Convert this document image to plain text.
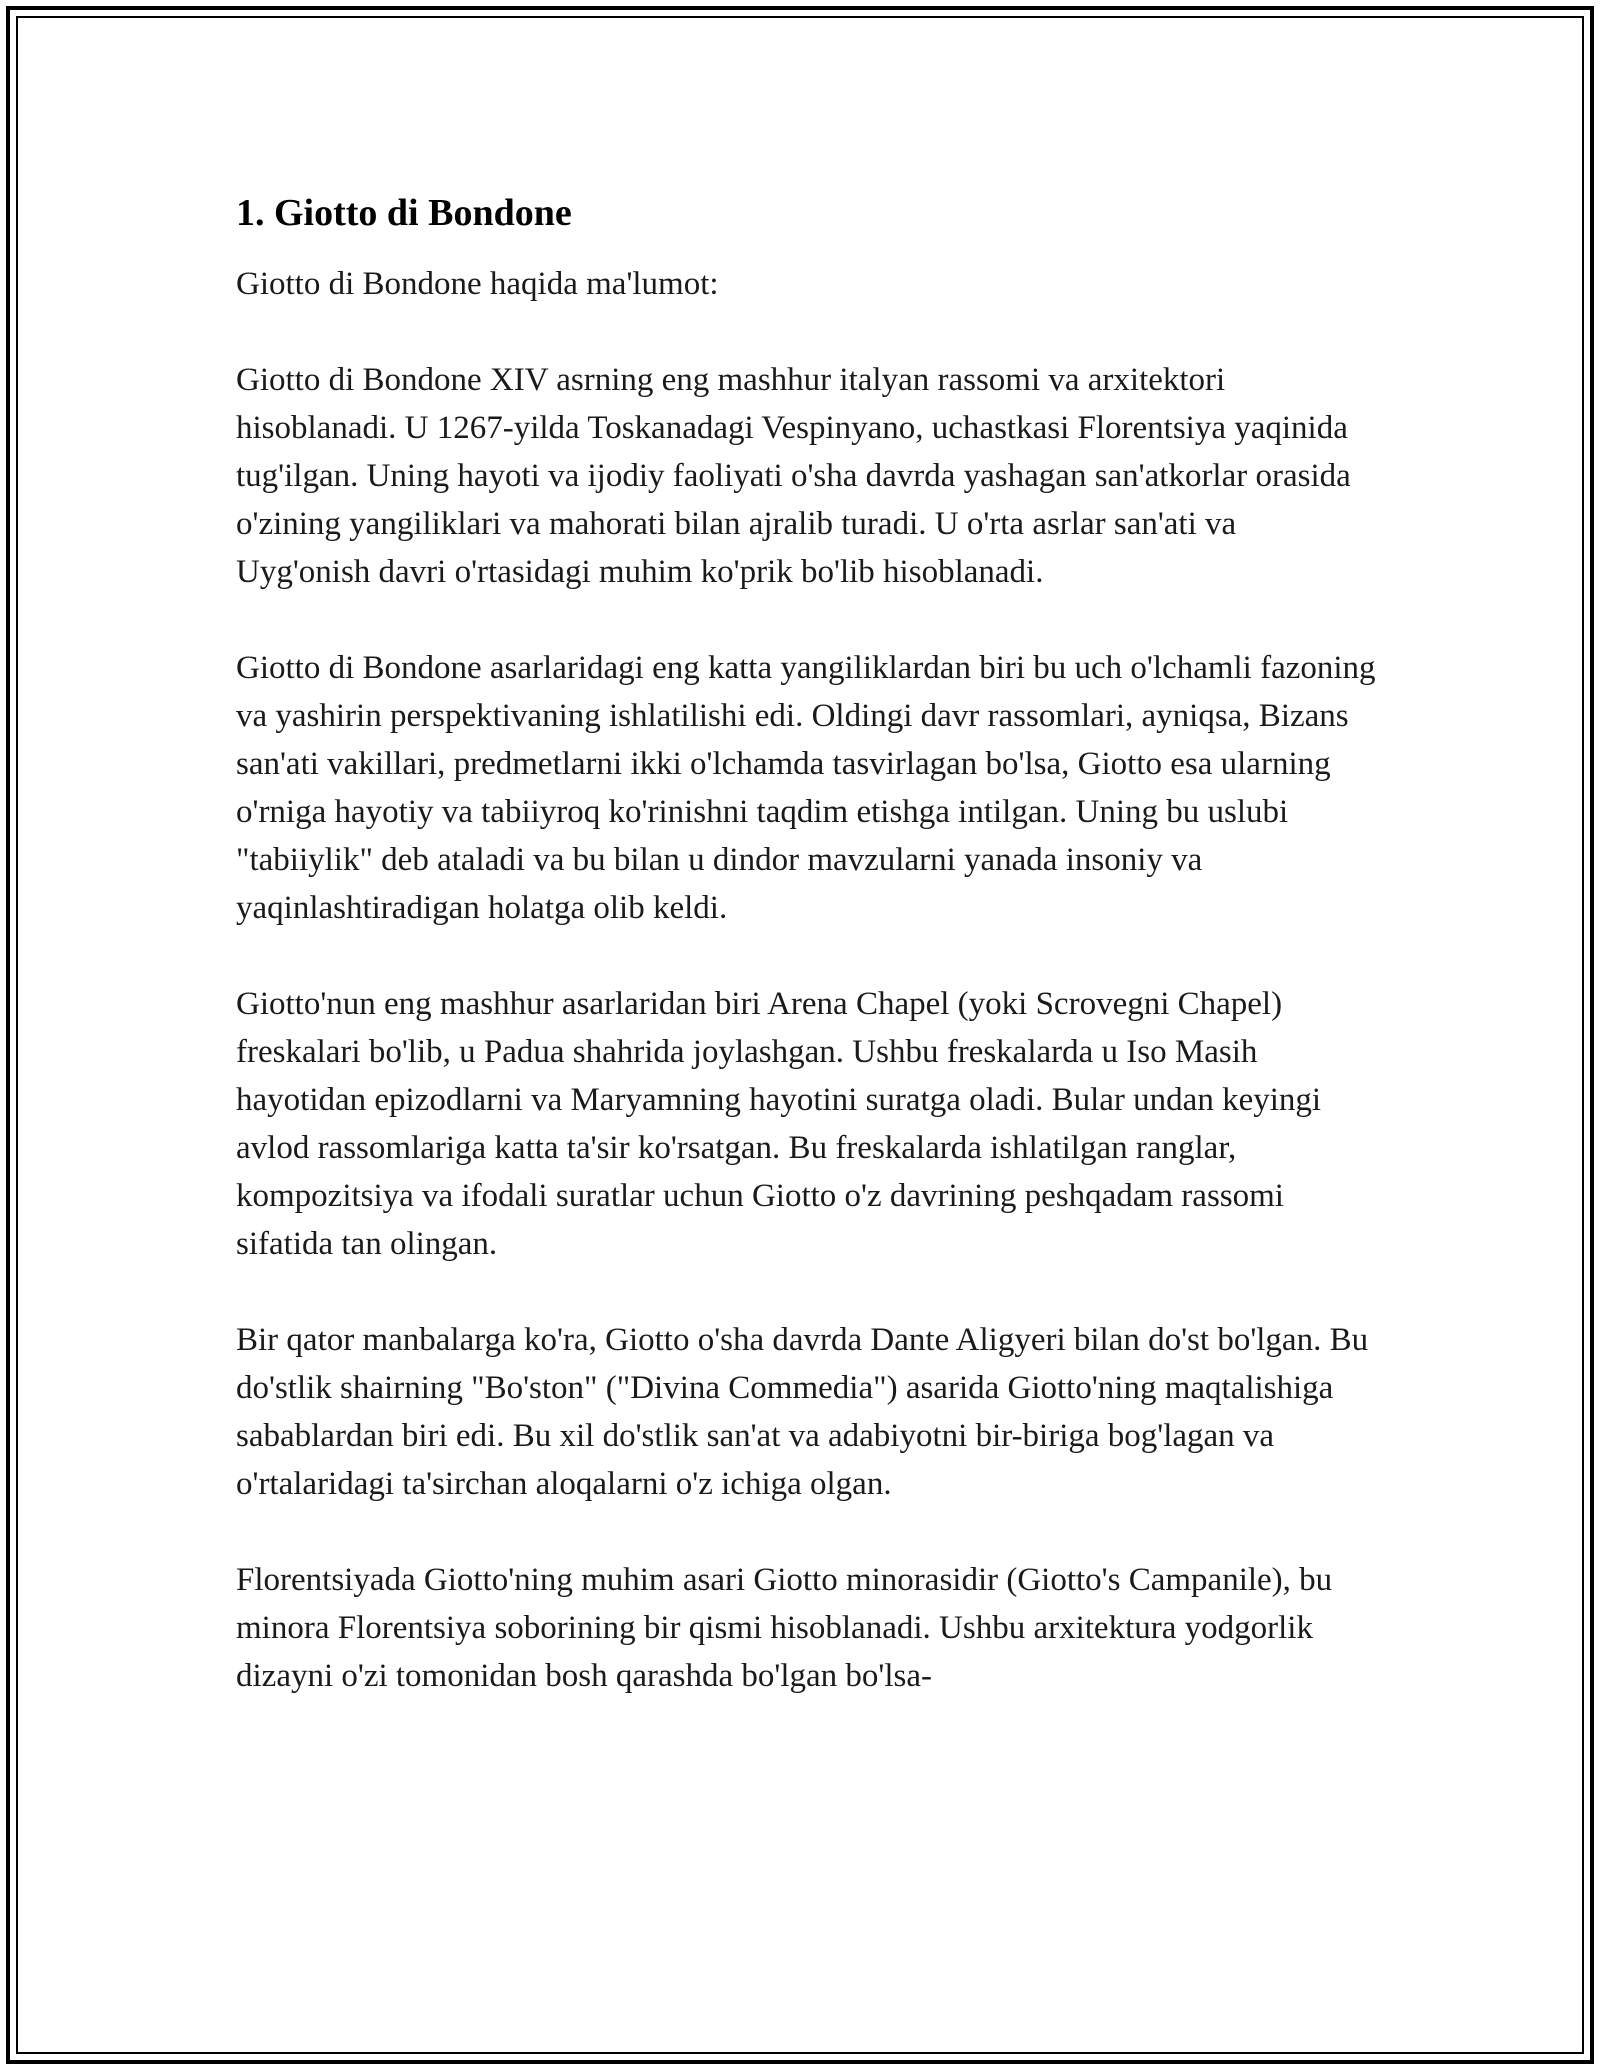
1. Giotto di Bondone

Giotto di Bondone haqida ma'lumot:

Giotto di Bondone XIV asrning eng mashhur italyan rassomi va arxitektori hisoblanadi. U 1267-yilda Toskanadagi Vespinyano, uchastkasi Florentsiya yaqinida tug'ilgan. Uning hayoti va ijodiy faoliyati o'sha davrda yashagan san'atkorlar orasida o'zining yangiliklari va mahorati bilan ajralib turadi. U o'rta asrlar san'ati va Uyg'onish davri o'rtasidagi muhim ko'prik bo'lib hisoblanadi.

Giotto di Bondone asarlaridagi eng katta yangiliklardan biri bu uch o'lchamli fazoning va yashirin perspektivaning ishlatilishi edi. Oldingi davr rassomlari, ayniqsa, Bizans san'ati vakillari, predmetlarni ikki o'lchamda tasvirlagan bo'lsa, Giotto esa ularning o'rniga hayotiy va tabiiyroq ko'rinishni taqdim etishga intilgan. Uning bu uslubi "tabiiylik" deb ataladi va bu bilan u dindor mavzularni yanada insoniy va yaqinlashtiradigan holatga olib keldi.

Giotto'nun eng mashhur asarlaridan biri Arena Chapel (yoki Scrovegni Chapel) freskalari bo'lib, u Padua shahrida joylashgan. Ushbu freskalarda u Iso Masih hayotidan epizodlarni va Maryamning hayotini suratga oladi. Bular undan keyingi avlod rassomlariga katta ta'sir ko'rsatgan. Bu freskalarda ishlatilgan ranglar, kompozitsiya va ifodali suratlar uchun Giotto o'z davrining peshqadam rassomi sifatida tan olingan.

Bir qator manbalarga ko'ra, Giotto o'sha davrda Dante Aligyeri bilan do'st bo'lgan. Bu do'stlik shairning "Bo'ston" ("Divina Commedia") asarida Giotto'ning maqtalishiga sabablardan biri edi. Bu xil do'stlik san'at va adabiyotni bir-biriga bog'lagan va o'rtalaridagi ta'sirchan aloqalarni o'z ichiga olgan.

Florentsiyada Giotto'ning muhim asari Giotto minorasidir (Giotto's Campanile), bu minora Florentsiya soborining bir qismi hisoblanadi. Ushbu arxitektura yodgorlik dizayni o'zi tomonidan bosh qarashda bo'lgan bo'lsa-
